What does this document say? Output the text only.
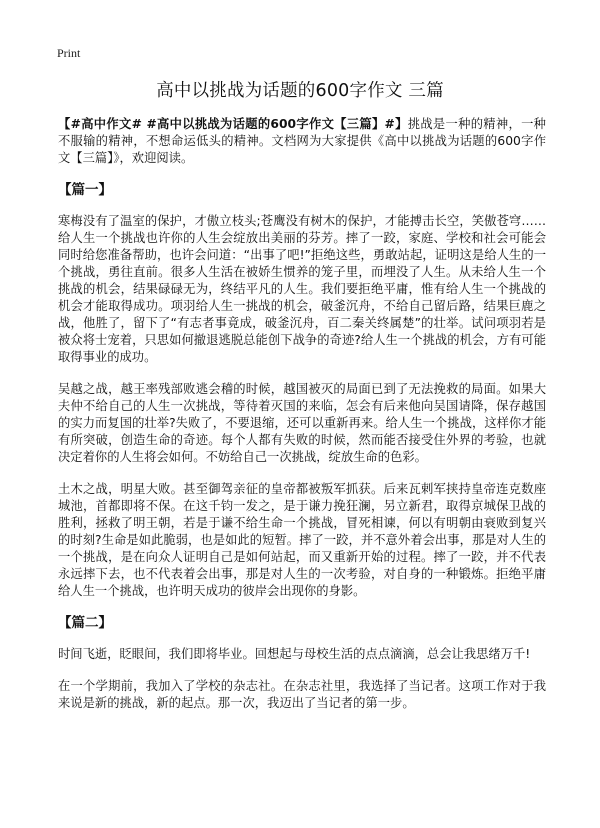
Print
高中以挑战为话题的600字作文 三篇

【#高中作文# #高中以挑战为话题的600字作文【三篇】#】挑战是一种的精神，一种不服输的精神，不想命运低头的精神。文档网为大家提供《高中以挑战为话题的600字作文【三篇】》，欢迎阅读。

【篇一】

寒梅没有了温室的保护，才傲立枝头;苍鹰没有树木的保护，才能搏击长空，笑傲苍穹……给人生一个挑战也许你的人生会绽放出美丽的芬芳。摔了一跤，家庭、学校和社会可能会同时给您准备帮助，也许会问道：“出事了吧!”拒绝这些，勇敢站起，证明这是给人生的一个挑战，勇往直前。很多人生活在被娇生惯养的笼子里，而埋没了人生。从未给人生一个挑战的机会，结果碌碌无为，终结平凡的人生。我们要拒绝平庸，惟有给人生一个挑战的机会才能取得成功。项羽给人生一挑战的机会，破釜沉舟，不给自己留后路，结果巨鹿之战，他胜了，留下了“有志者事竟成，破釜沉舟，百二秦关终属楚”的壮举。试问项羽若是被众将士宠着，只思如何撤退逃脱总能创下战争的奇迹?给人生一个挑战的机会，方有可能取得事业的成功。

吴越之战，越王率残部败逃会稽的时候，越国被灭的局面已到了无法挽救的局面。如果大夫仲不给自己的人生一次挑战，等待着灭国的来临，怎会有后来他向吴国请降，保存越国的实力而复国的壮举?失败了，不要退缩，还可以重新再来。给人生一个挑战，这样你才能有所突破，创造生命的奇迹。每个人都有失败的时候，然而能否接受住外界的考验，也就决定着你的人生将会如何。不妨给自己一次挑战，绽放生命的色彩。

土木之战，明星大败。甚至御驾亲征的皇帝都被叛军抓获。后来瓦剌军挟持皇帝连克数座城池，首都即将不保。在这千钧一发之，是于谦力挽狂澜，另立新君，取得京城保卫战的胜利，拯救了明王朝，若是于谦不给生命一个挑战，冒死相谏，何以有明朝由衰败到复兴的时刻?生命是如此脆弱，也是如此的短暂。摔了一跤，并不意外着会出事，那是对人生的一个挑战，是在向众人证明自己是如何站起，而又重新开始的过程。摔了一跤，并不代表永远摔下去，也不代表着会出事，那是对人生的一次考验，对自身的一种锻炼。拒绝平庸给人生一个挑战，也许明天成功的彼岸会出现你的身影。

【篇二】

时间飞逝，眨眼间，我们即将毕业。回想起与母校生活的点点滴滴，总会让我思绪万千!

在一个学期前，我加入了学校的杂志社。在杂志社里，我选择了当记者。这项工作对于我来说是新的挑战，新的起点。那一次，我迈出了当记者的第一步。
